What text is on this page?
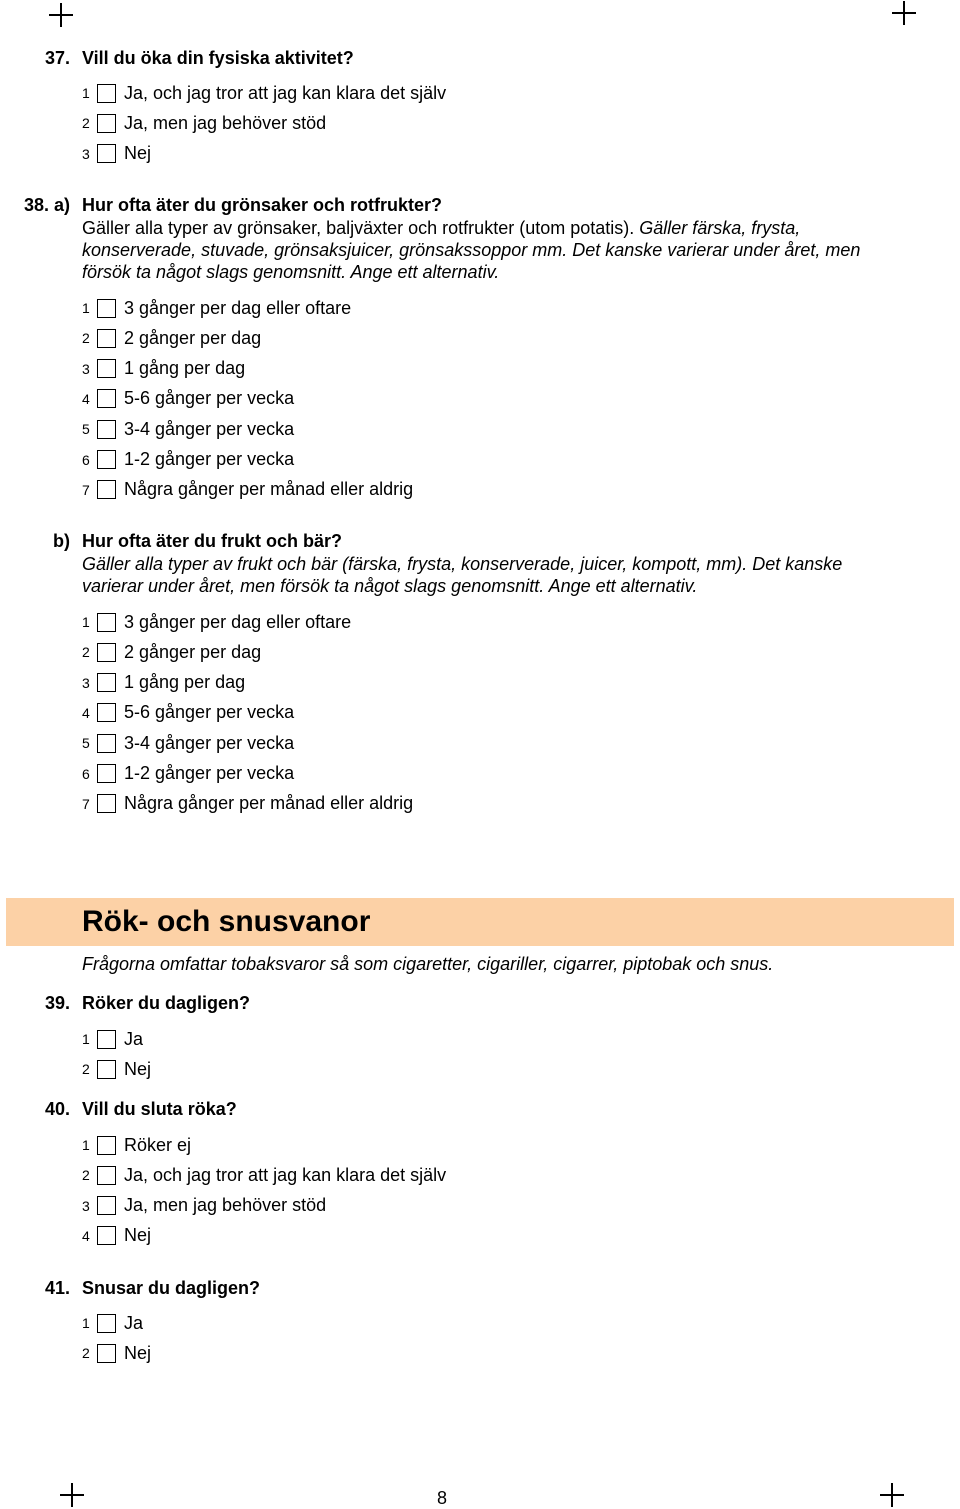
37. Vill du öka din fysiska aktivitet?
1	Ja, och jag tror att jag kan klara det själv
2	Ja, men jag behöver stöd
3	Nej
38. a) Hur ofta äter du grönsaker och rotfrukter?
Gäller alla typer av grönsaker, baljväxter och rotfrukter (utom potatis). Gäller färska, frysta,
konserverade, stuvade, grönsaksjuicer, grönsakssoppor mm. Det kanske varierar under året, men
försök ta något slags genomsnitt. Ange ett alternativ.
1	3 gånger per dag eller oftare
2	2 gånger per dag
3	1 gång per dag
4	5-6 gånger per vecka
5	3-4 gånger per vecka
6	1-2 gånger per vecka
7	Några gånger per månad eller aldrig
b) Hur ofta äter du frukt och bär?
Gäller alla typer av frukt och bär (färska, frysta, konserverade, juicer, kompott, mm). Det kanske
varierar under året, men försök ta något slags genomsnitt. Ange ett alternativ.
1	3 gånger per dag eller oftare
2	2 gånger per dag
3	1 gång per dag
4	5-6 gånger per vecka
5	3-4 gånger per vecka
6	1-2 gånger per vecka
7	Några gånger per månad eller aldrig
Rök- och snusvanor
Frågorna omfattar tobaksvaror så som cigaretter, cigariller, cigarrer, piptobak och snus.
39. Röker du dagligen?
1	Ja
2	Nej
40. Vill du sluta röka?
1	Röker ej
2	Ja, och jag tror att jag kan klara det själv
3	Ja, men jag behöver stöd
4	Nej
41. Snusar du dagligen?
1	Ja
2	Nej
8
